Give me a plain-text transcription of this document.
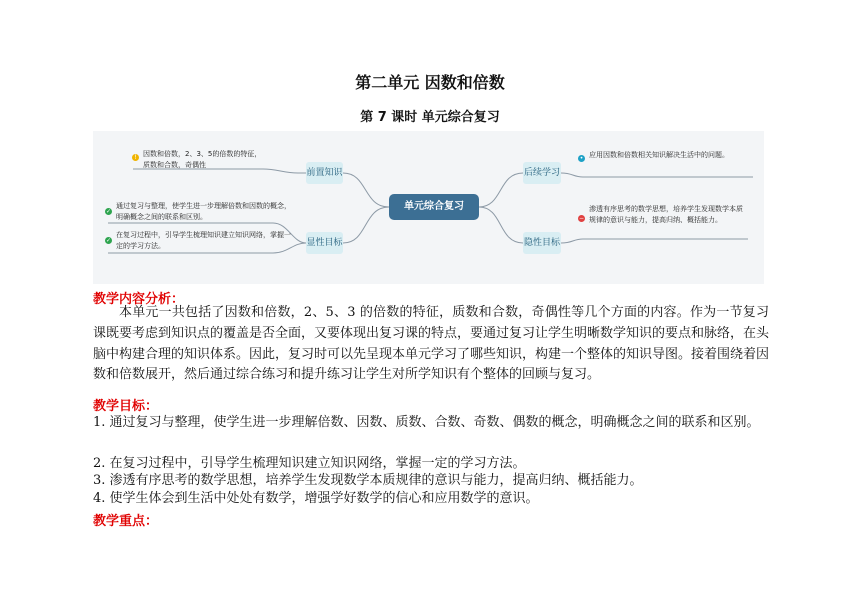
第二单元 因数和倍数
第 7 课时 单元综合复习
单元综合复习
前置知识
显性目标
后续学习
隐性目标
! 因数和倍数，2、3、5的倍数的特征，质数和合数，奇偶性
✓
通过复习与整理，使学生进一步理解倍数和因数的概念，明确概念之间的联系和区别。
✓
在复习过程中，引导学生梳理知识建立知识网络，掌握一定的学习方法。
• 应用因数和倍数相关知识解决生活中的问题。
−
渗透有序思考的数学思想，培养学生发现数学本质规律的意识与能力，提高归纳、概括能力。
教学内容分析：
本单元一共包括了因数和倍数，2、5、3 的倍数的特征，质数和合数，奇偶性等几个方面的内容。作为一节复习课既要考虑到知识点的覆盖是否全面，又要体现出复习课的特点，要通过复习让学生明晰数学知识的要点和脉络，在头脑中构建合理的知识体系。因此，复习时可以先呈现本单元学习了哪些知识，构建一个整体的知识导图。接着围绕着因数和倍数展开，然后通过综合练习和提升练习让学生对所学知识有个整体的回顾与复习。
教学目标：
1. 通过复习与整理，使学生进一步理解倍数、因数、质数、合数、奇数、偶数的概念，明确概念之间的联系和区别。
2. 在复习过程中，引导学生梳理知识建立知识网络，掌握一定的学习方法。
3. 渗透有序思考的数学思想，培养学生发现数学本质规律的意识与能力，提高归纳、概括能力。
4. 使学生体会到生活中处处有数学，增强学好数学的信心和应用数学的意识。
教学重点：
